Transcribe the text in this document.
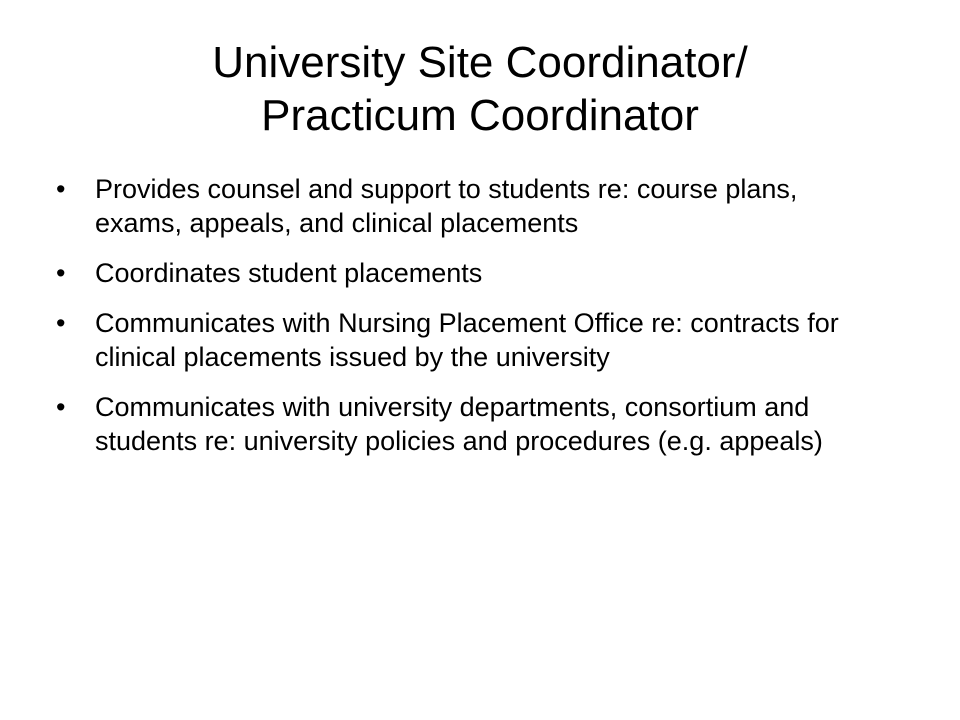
University Site Coordinator/
Practicum Coordinator
•	Provides counsel and support to students re: course plans, exams, appeals, and clinical placements
•	Coordinates student placements
•	Communicates with Nursing Placement Office re: contracts for clinical placements issued by the university
•	Communicates with university departments, consortium and students re: university policies and procedures (e.g. appeals)
